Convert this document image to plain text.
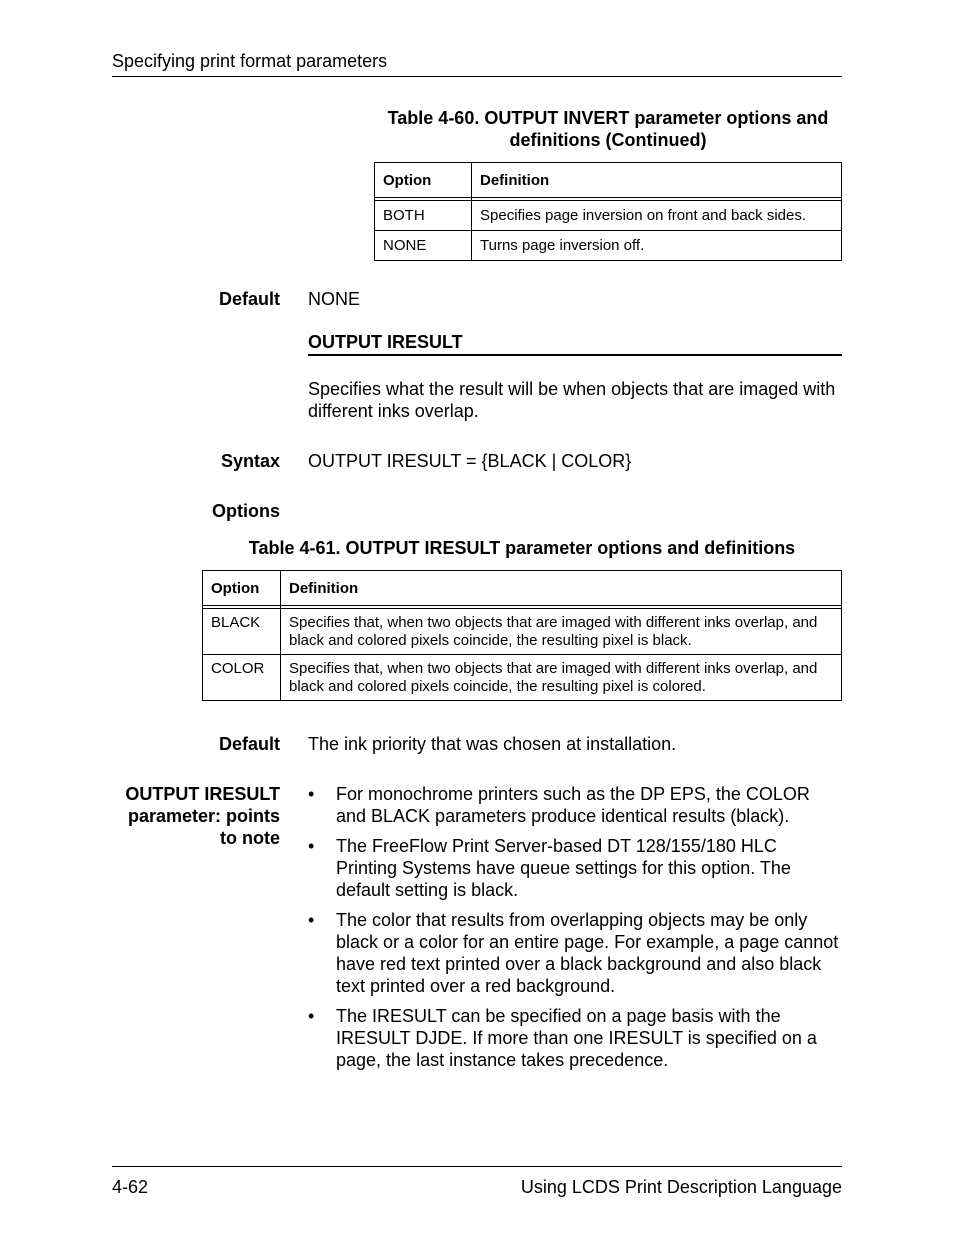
Specifying print format parameters
Table 4-60. OUTPUT INVERT parameter options and definitions (Continued)
Option	Definition

BOTH	Specifies page inversion on front and back sides.
NONE	Turns page inversion off.
Default NONE
OUTPUT IRESULT
Specifies what the result will be when objects that are imaged with different inks overlap.
Syntax OUTPUT IRESULT = {BLACK | COLOR}
Options
Table 4-61. OUTPUT IRESULT parameter options and definitions
Option	Definition

BLACK	Specifies that, when two objects that are imaged with different inks overlap, and black and colored pixels coincide, the resulting pixel is black.
COLOR	Specifies that, when two objects that are imaged with different inks overlap, and black and colored pixels coincide, the resulting pixel is colored.
Default The ink priority that was chosen at installation.
OUTPUT IRESULT parameter: points to note
• For monochrome printers such as the DP EPS, the COLOR and BLACK parameters produce identical results (black).
• The FreeFlow Print Server-based DT 128/155/180 HLC Printing Systems have queue settings for this option. The default setting is black.
• The color that results from overlapping objects may be only black or a color for an entire page. For example, a page cannot have red text printed over a black background and also black text printed over a red background.
• The IRESULT can be specified on a page basis with the IRESULT DJDE. If more than one IRESULT is specified on a page, the last instance takes precedence.
4-62	Using LCDS Print Description Language
